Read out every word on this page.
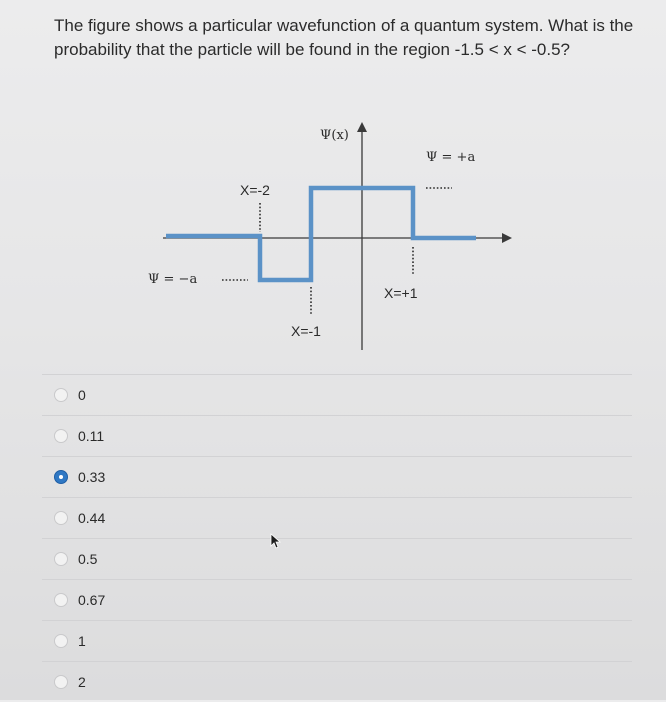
The figure shows a particular wavefunction of a quantum system. What is the probability that the particle will be found in the region -1.5 < x < -0.5?
Ψ(x)
Ψ = +a
Ψ = −a
X=-2
X=-1
X=+1
0
0.11
0.33
0.44
0.5
0.67
1
2
